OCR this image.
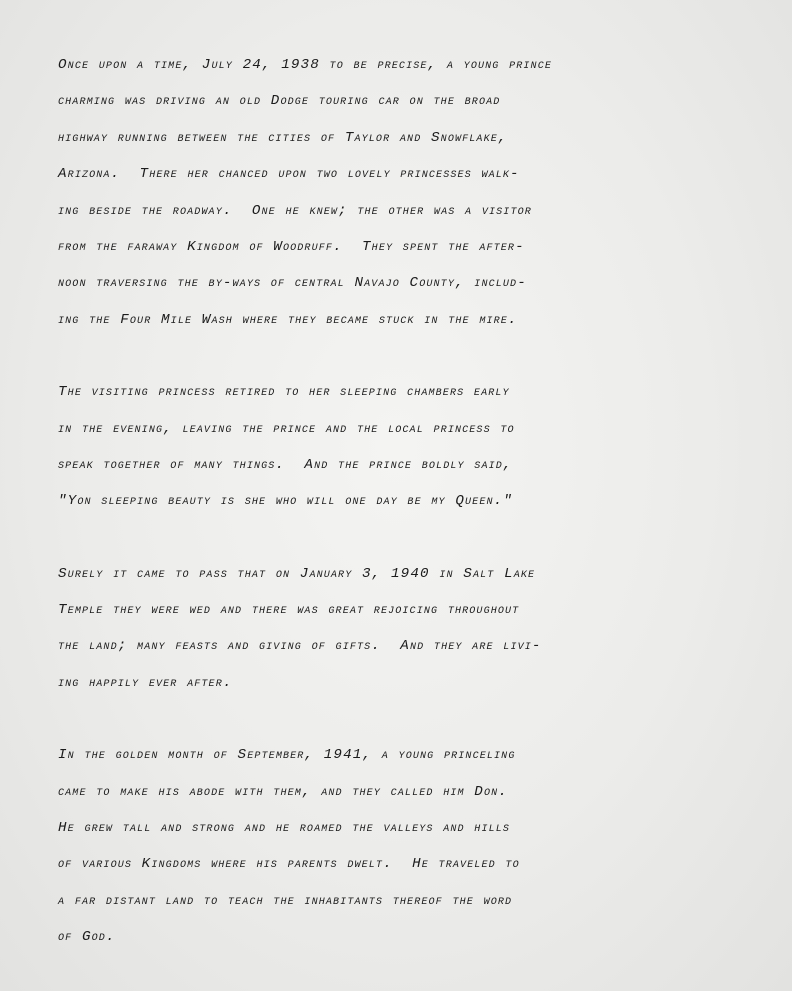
Once upon a time, July 24, 1938 to be precise, a young prince
charming was driving an old Dodge touring car on the broad
highway running between the cities of Taylor and Snowflake,
Arizona.  There her chanced upon two lovely princesses walk-
ing beside the roadway.  One he knew; the other was a visitor
from the faraway Kingdom of Woodruff.  They spent the after-
noon traversing the by-ways of central Navajo County, includ-
ing the Four Mile Wash where they became stuck in the mire.
The visiting princess retired to her sleeping chambers early
in the evening, leaving the prince and the local princess to
speak together of many things.  And the prince boldly said,
"Yon sleeping beauty is she who will one day be my Queen."
Surely it came to pass that on January 3, 1940 in Salt Lake
Temple they were wed and there was great rejoicing throughout
the land; many feasts and giving of gifts.  And they are livi-
ing happily ever after.
In the golden month of September, 1941, a young princeling
came to make his abode with them, and they called him Don.
He grew tall and strong and he roamed the valleys and hills
of various Kingdoms where his parents dwelt.  He traveled to
a far distant land to teach the inhabitants thereof the word
of God.
